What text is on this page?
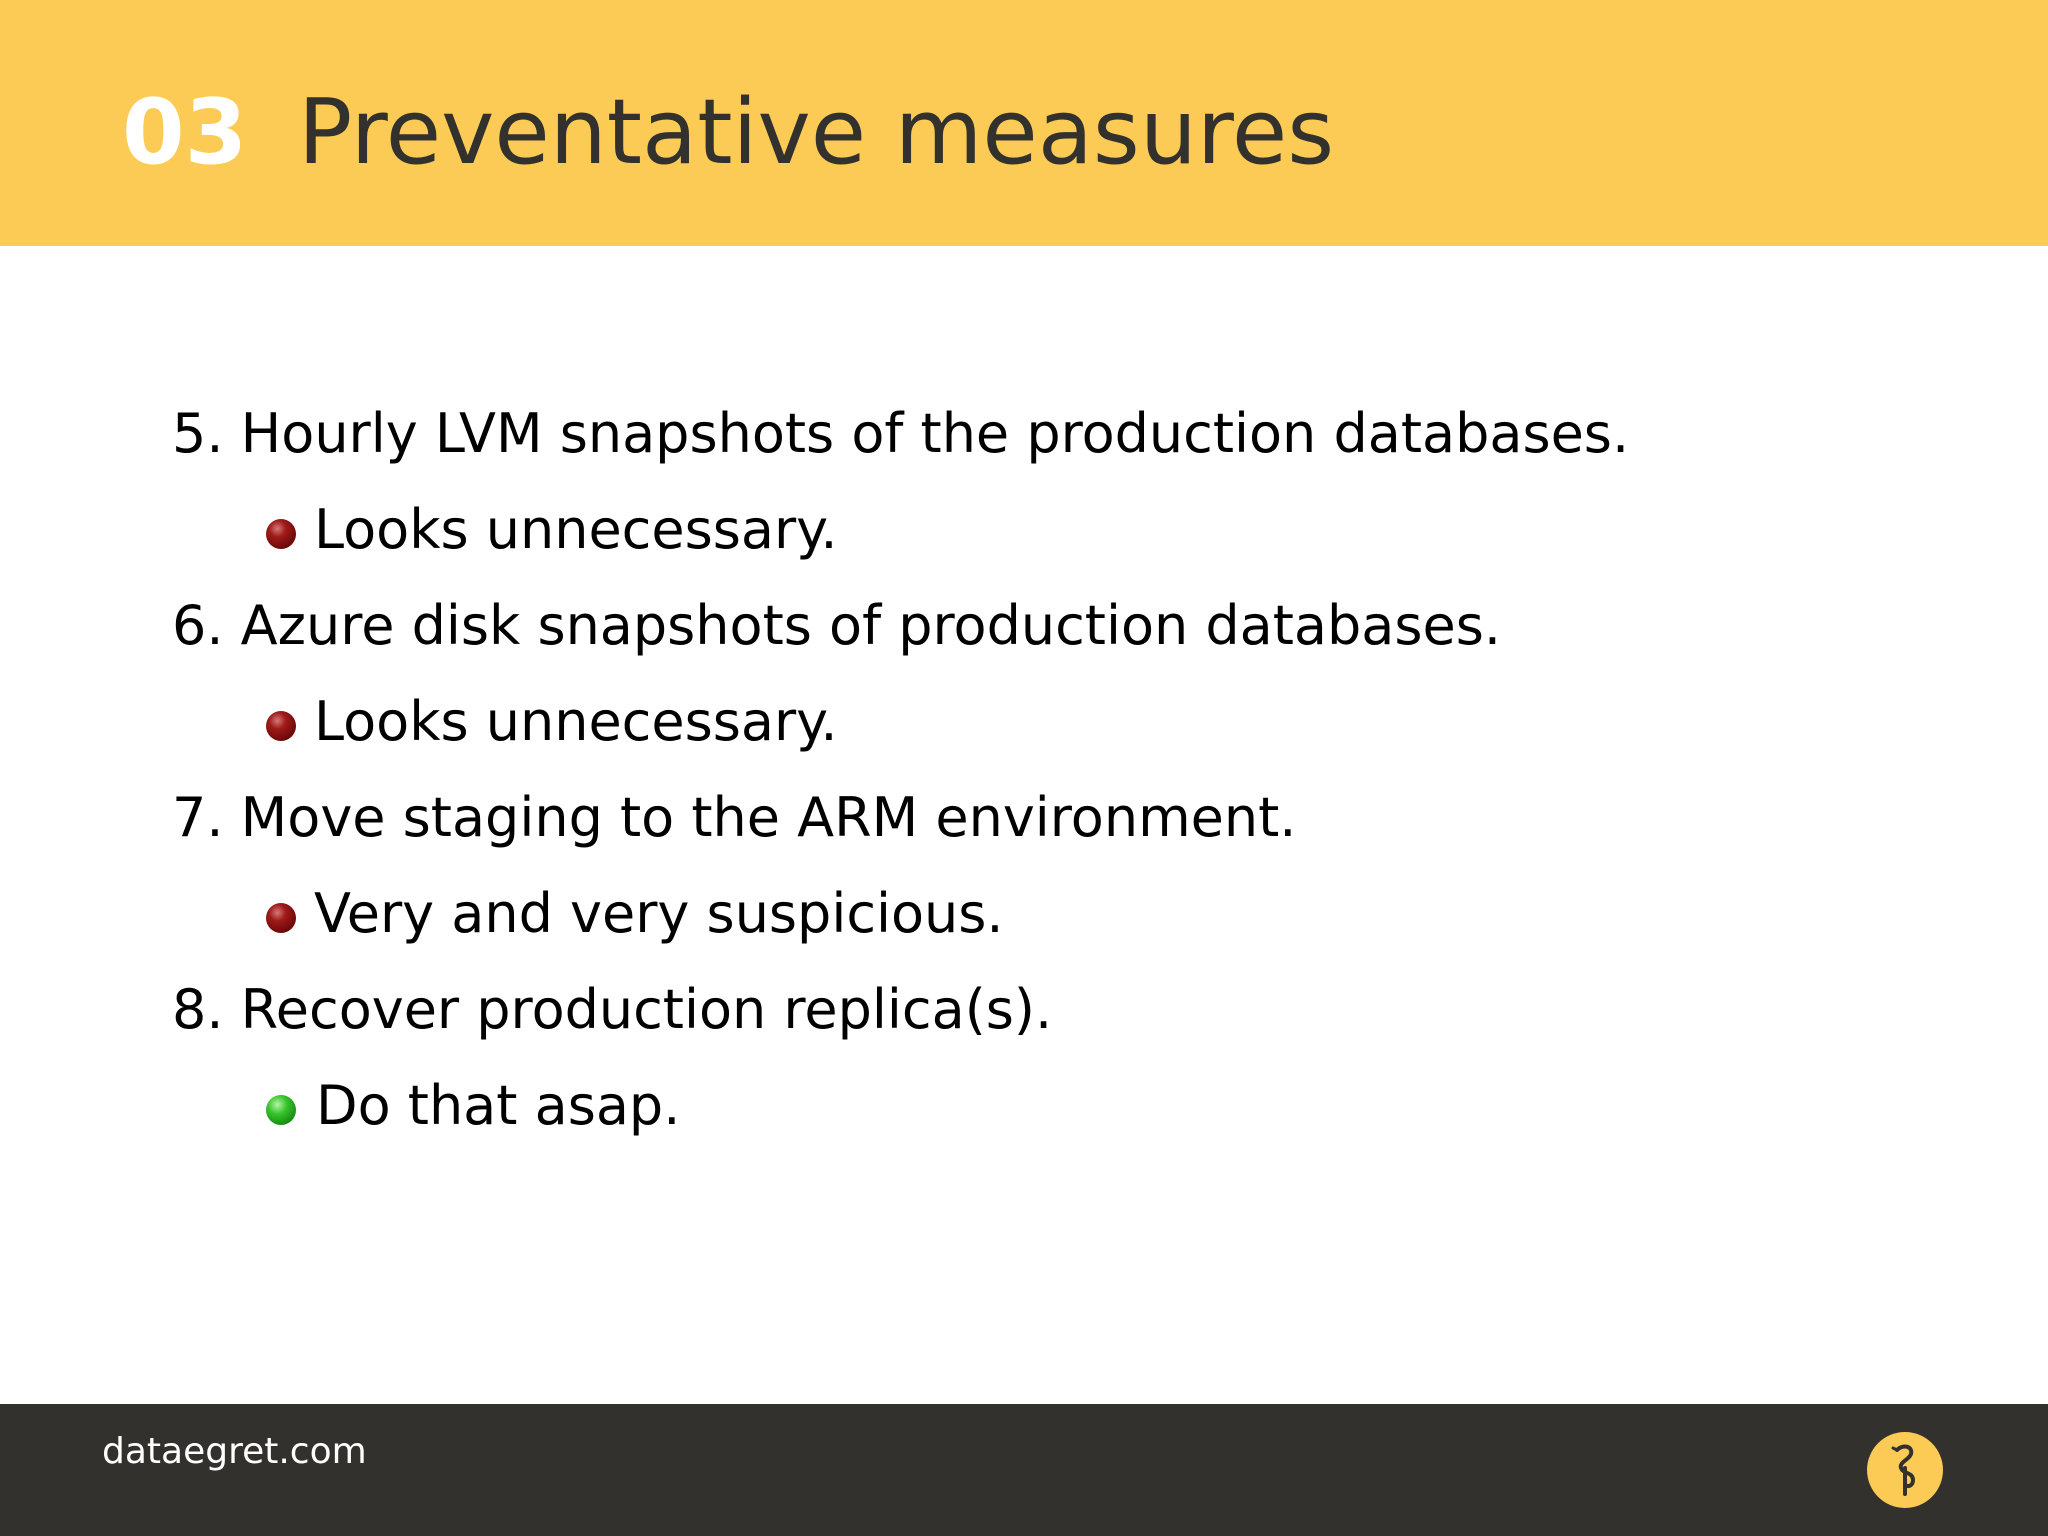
03 Preventative measures
5. Hourly LVM snapshots of the production databases.
Looks unnecessary.
6. Azure disk snapshots of production databases.
Looks unnecessary.
7. Move staging to the ARM environment.
Very and very suspicious.
8. Recover production replica(s).
Do that asap.
dataegret.com
